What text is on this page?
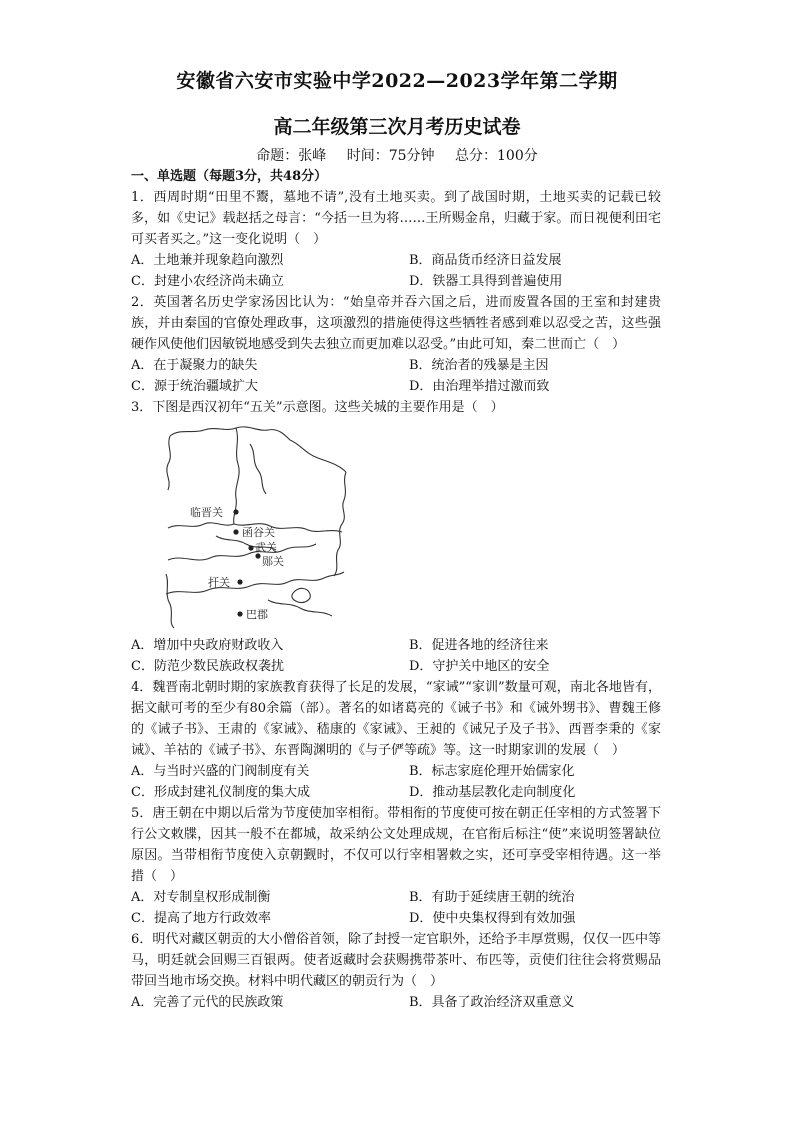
安徽省六安市实验中学2022—2023学年第二学期
高二年级第三次月考历史试卷
命题：张峰 时间：75分钟 总分：100分
一、单选题（每题3分，共48分）
1．西周时期“田里不鬻，墓地不请”,没有土地买卖。到了战国时期，土地买卖的记载已较多，如《史记》载赵括之母言：“今括一旦为将……王所赐金帛，归藏于家。而日视便利田宅可买者买之。”这一变化说明（　）
A．土地兼并现象趋向激烈	B．商品货币经济日益发展
C．封建小农经济尚未确立	D．铁器工具得到普遍使用
2．英国著名历史学家汤因比认为：“始皇帝并吞六国之后，进而废置各国的王室和封建贵族，并由秦国的官僚处理政事，这项激烈的措施使得这些牺牲者感到难以忍受之苦，这些强硬作风使他们因敏锐地感受到失去独立而更加难以忍受。”由此可知，秦二世而亡（　）
A．在于凝聚力的缺失	B．统治者的残暴是主因
C．源于统治疆域扩大	D．由治理举措过激而致
3．下图是西汉初年“五关”示意图。这些关城的主要作用是（　）
临晋关
函谷关
武关
郧关
扞关
巴郡
A．增加中央政府财政收入	B．促进各地的经济往来
C．防范少数民族政权袭扰	D．守护关中地区的安全
4．魏晋南北朝时期的家族教育获得了长足的发展，“家诫”“家训”数量可观，南北各地皆有，据文献可考的至少有80余篇（部）。著名的如诸葛亮的《诫子书》和《诫外甥书》、曹魏王修的《诫子书》、王肃的《家诫》、嵇康的《家诫》、王昶的《诫兄子及子书》、西晋李秉的《家诫》、羊祜的《诫子书》、东晋陶渊明的《与子俨等疏》等。这一时期家训的发展（　）
A．与当时兴盛的门阀制度有关	B．标志家庭伦理开始儒家化
C．形成封建礼仪制度的集大成	D．推动基层教化走向制度化
5．唐王朝在中期以后常为节度使加宰相衔。带相衔的节度使可按在朝正任宰相的方式签署下行公文敕牒，因其一般不在都城，故采纳公文处理成规，在官衔后标注“使”来说明签署缺位原因。当带相衔节度使入京朝觐时，不仅可以行宰相署敕之实，还可享受宰相待遇。这一举措（　）
A．对专制皇权形成制衡	B．有助于延续唐王朝的统治
C．提高了地方行政效率	D．使中央集权得到有效加强
6．明代对藏区朝贡的大小僧俗首领，除了封授一定官职外，还给予丰厚赏赐，仅仅一匹中等马，明廷就会回赐三百银两。使者返藏时会获赐携带茶叶、布匹等，贡使们往往会将赏赐品带回当地市场交换。材料中明代藏区的朝贡行为（　）
A．完善了元代的民族政策	B．具备了政治经济双重意义
